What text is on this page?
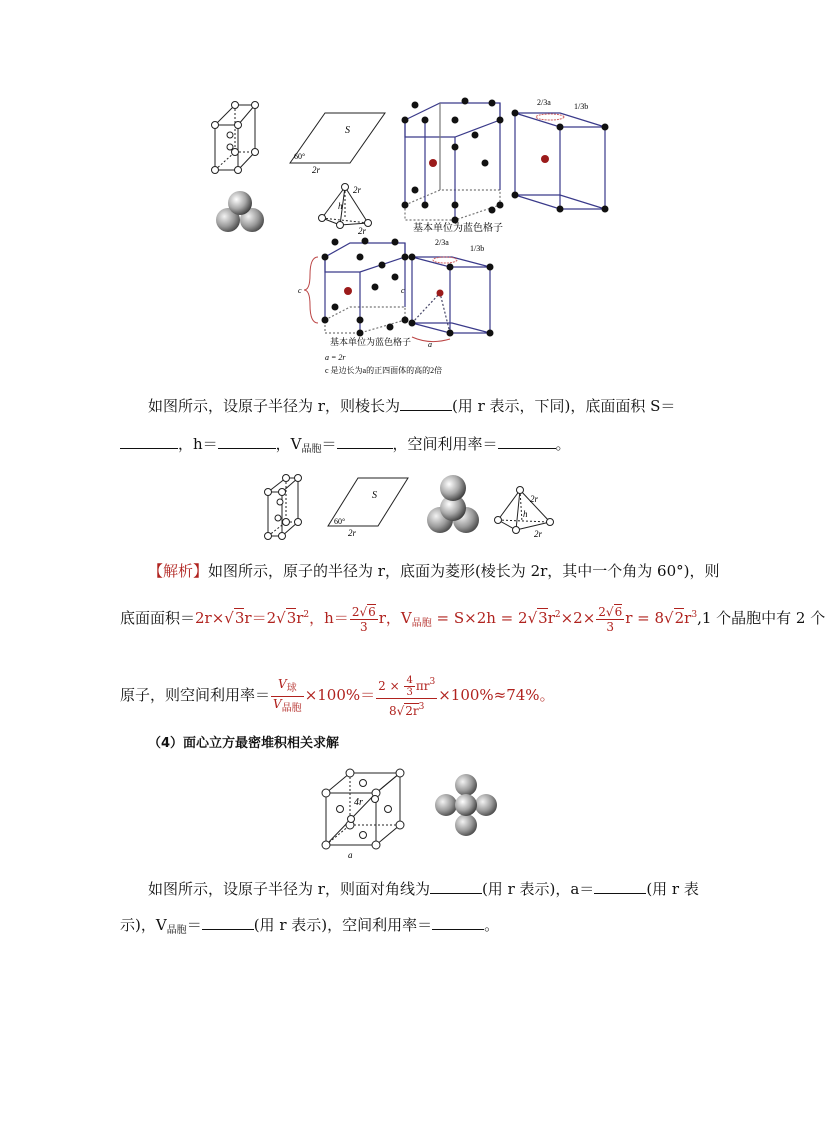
S
60°
2r
2r
h
2r	基本单位为蓝色格子
2/3a	1/3b
c
基本单位为蓝色格子
a = 2r
c 是边长为a的正四面体的高的2倍
2/3a
1/3b
c
a
如图所示，设原子半径为 r，则棱长为	(用 r 表示，下同)，底面面积 S＝
，h＝	，$V_{晶胞}=$	，空间利用率＝	。
S
60°
2r
2r
h
2r
【解析】如图所示，原子的半径为 r，底面为菱形(棱长为 2r，其中一个角为 60°)，则
底面面积$=2r\times√3r=2√3r^2$，$h= \frac{2√6}{3}$ r，$V_{晶胞} = S\times 2h = 2√3r^2\times 2\times \frac{2√6}{3}$ $r = 8√2r^3,1$ 个晶胞中有 2 个
原子，则空间利用率＝ $\frac{V_球}{V_{晶胞}} \times 100\%= \frac{2 \times \frac{4}{3} \pi r^3}{8√2r^3} \times 100\%\approx 74\%$。
（4）面心立方最密堆积相关求解
4r
a
如图所示，设原子半径为 r，则面对角线为	(用 r 表示)，a＝	(用 r 表
示)，$V_{晶胞}=$	(用 r 表示)，空间利用率＝	。
